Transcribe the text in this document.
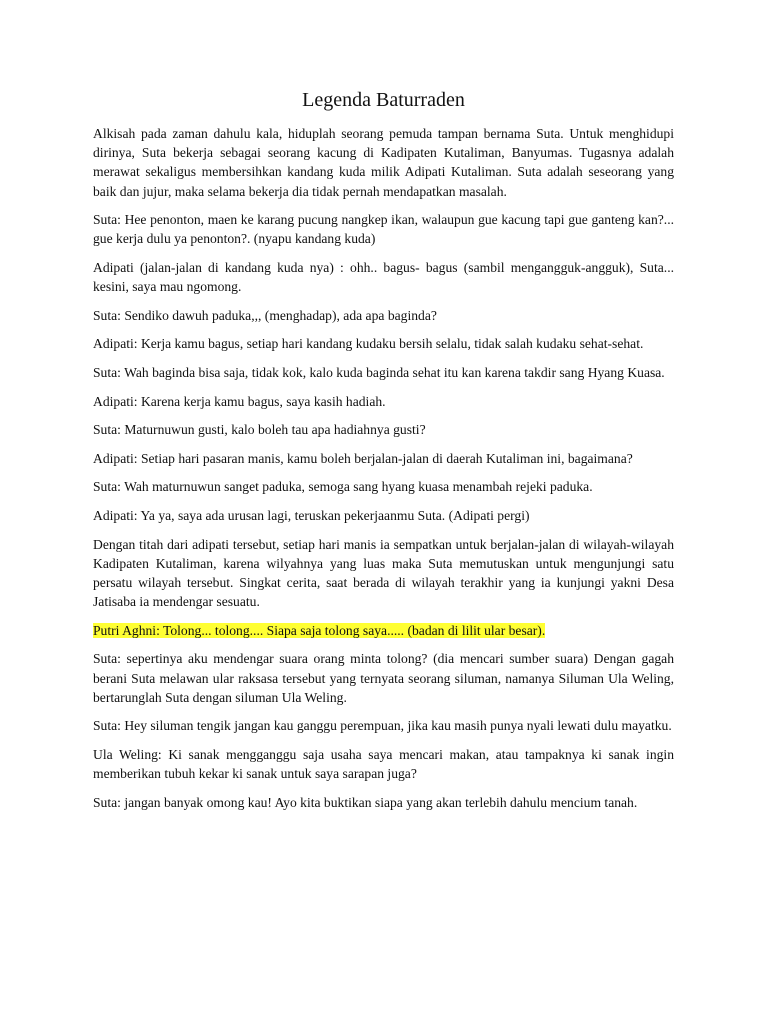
Legenda Baturraden

Alkisah pada zaman dahulu kala, hiduplah seorang pemuda tampan bernama Suta. Untuk menghidupi dirinya, Suta bekerja sebagai seorang kacung di Kadipaten Kutaliman, Banyumas. Tugasnya adalah merawat sekaligus membersihkan kandang kuda milik Adipati Kutaliman. Suta adalah seseorang yang baik dan jujur, maka selama bekerja dia tidak pernah mendapatkan masalah.

Suta: Hee penonton, maen ke karang pucung nangkep ikan, walaupun gue kacung tapi gue ganteng kan?... gue kerja dulu ya penonton?. (nyapu kandang kuda)

Adipati (jalan-jalan di kandang kuda nya) : ohh.. bagus- bagus (sambil mengangguk-angguk), Suta... kesini, saya mau ngomong.

Suta: Sendiko dawuh paduka,,, (menghadap), ada apa baginda?

Adipati: Kerja kamu bagus, setiap hari kandang kudaku bersih selalu, tidak salah kudaku sehat-sehat.

Suta: Wah baginda bisa saja, tidak kok, kalo kuda baginda sehat itu kan karena takdir sang Hyang Kuasa.

Adipati: Karena kerja kamu bagus, saya kasih hadiah.

Suta: Maturnuwun gusti, kalo boleh tau apa hadiahnya gusti?

Adipati: Setiap hari pasaran manis, kamu boleh berjalan-jalan di daerah Kutaliman ini, bagaimana?

Suta: Wah maturnuwun sanget paduka, semoga sang hyang kuasa menambah rejeki paduka.

Adipati: Ya ya, saya ada urusan lagi, teruskan pekerjaanmu Suta. (Adipati pergi)

Dengan titah dari adipati tersebut, setiap hari manis ia sempatkan untuk berjalan-jalan di wilayah-wilayah Kadipaten Kutaliman, karena wilyahnya yang luas maka Suta memutuskan untuk mengunjungi satu persatu wilayah tersebut. Singkat cerita, saat berada di wilayah terakhir yang ia kunjungi yakni Desa Jatisaba ia mendengar sesuatu.

Putri Aghni: Tolong... tolong.... Siapa saja tolong saya..... (badan di lilit ular besar).

Suta: sepertinya aku mendengar suara orang minta tolong? (dia mencari sumber suara) Dengan gagah berani Suta melawan ular raksasa tersebut yang ternyata seorang siluman, namanya Siluman Ula Weling, bertarunglah Suta dengan siluman Ula Weling.

Suta: Hey siluman tengik jangan kau ganggu perempuan, jika kau masih punya nyali lewati dulu mayatku.

Ula Weling: Ki sanak mengganggu saja usaha saya mencari makan, atau tampaknya ki sanak ingin memberikan tubuh kekar ki sanak untuk saya sarapan juga?

Suta: jangan banyak omong kau! Ayo kita buktikan siapa yang akan terlebih dahulu mencium tanah.
